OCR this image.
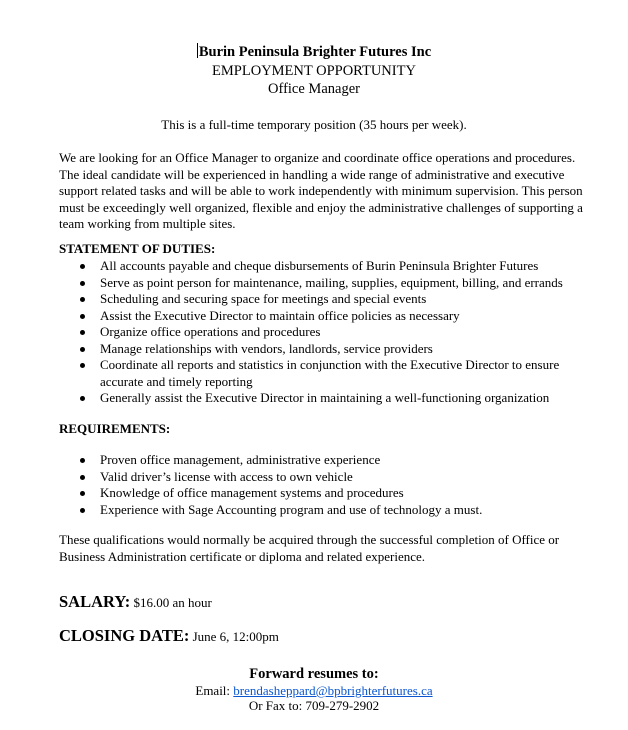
Burin Peninsula Brighter Futures Inc
EMPLOYMENT OPPORTUNITY
Office Manager
This is a full-time temporary position (35 hours per week).
We are looking for an Office Manager to organize and coordinate office operations and procedures. The ideal candidate will be experienced in handling a wide range of administrative and executive support related tasks and will be able to work independently with minimum supervision. This person must be exceedingly well organized, flexible and enjoy the administrative challenges of supporting a team working from multiple sites.
STATEMENT OF DUTIES:
All accounts payable and cheque disbursements of Burin Peninsula Brighter Futures
Serve as point person for maintenance, mailing, supplies, equipment, billing, and errands
Scheduling and securing space for meetings and special events
Assist the Executive Director to maintain office policies as necessary
Organize office operations and procedures
Manage relationships with vendors, landlords, service providers
Coordinate all reports and statistics in conjunction with the Executive Director to ensure accurate and timely reporting
Generally assist the Executive Director in maintaining a well-functioning organization
REQUIREMENTS:
Proven office management, administrative experience
Valid driver’s license with access to own vehicle
Knowledge of office management systems and procedures
Experience with Sage Accounting program and use of technology a must.
These qualifications would normally be acquired through the successful completion of Office or Business Administration certificate or diploma and related experience.
SALARY: $16.00 an hour
CLOSING DATE: June 6, 12:00pm
Forward resumes to:
Email: brendasheppard@bpbrighterfutures.ca
Or Fax to: 709-279-2902
